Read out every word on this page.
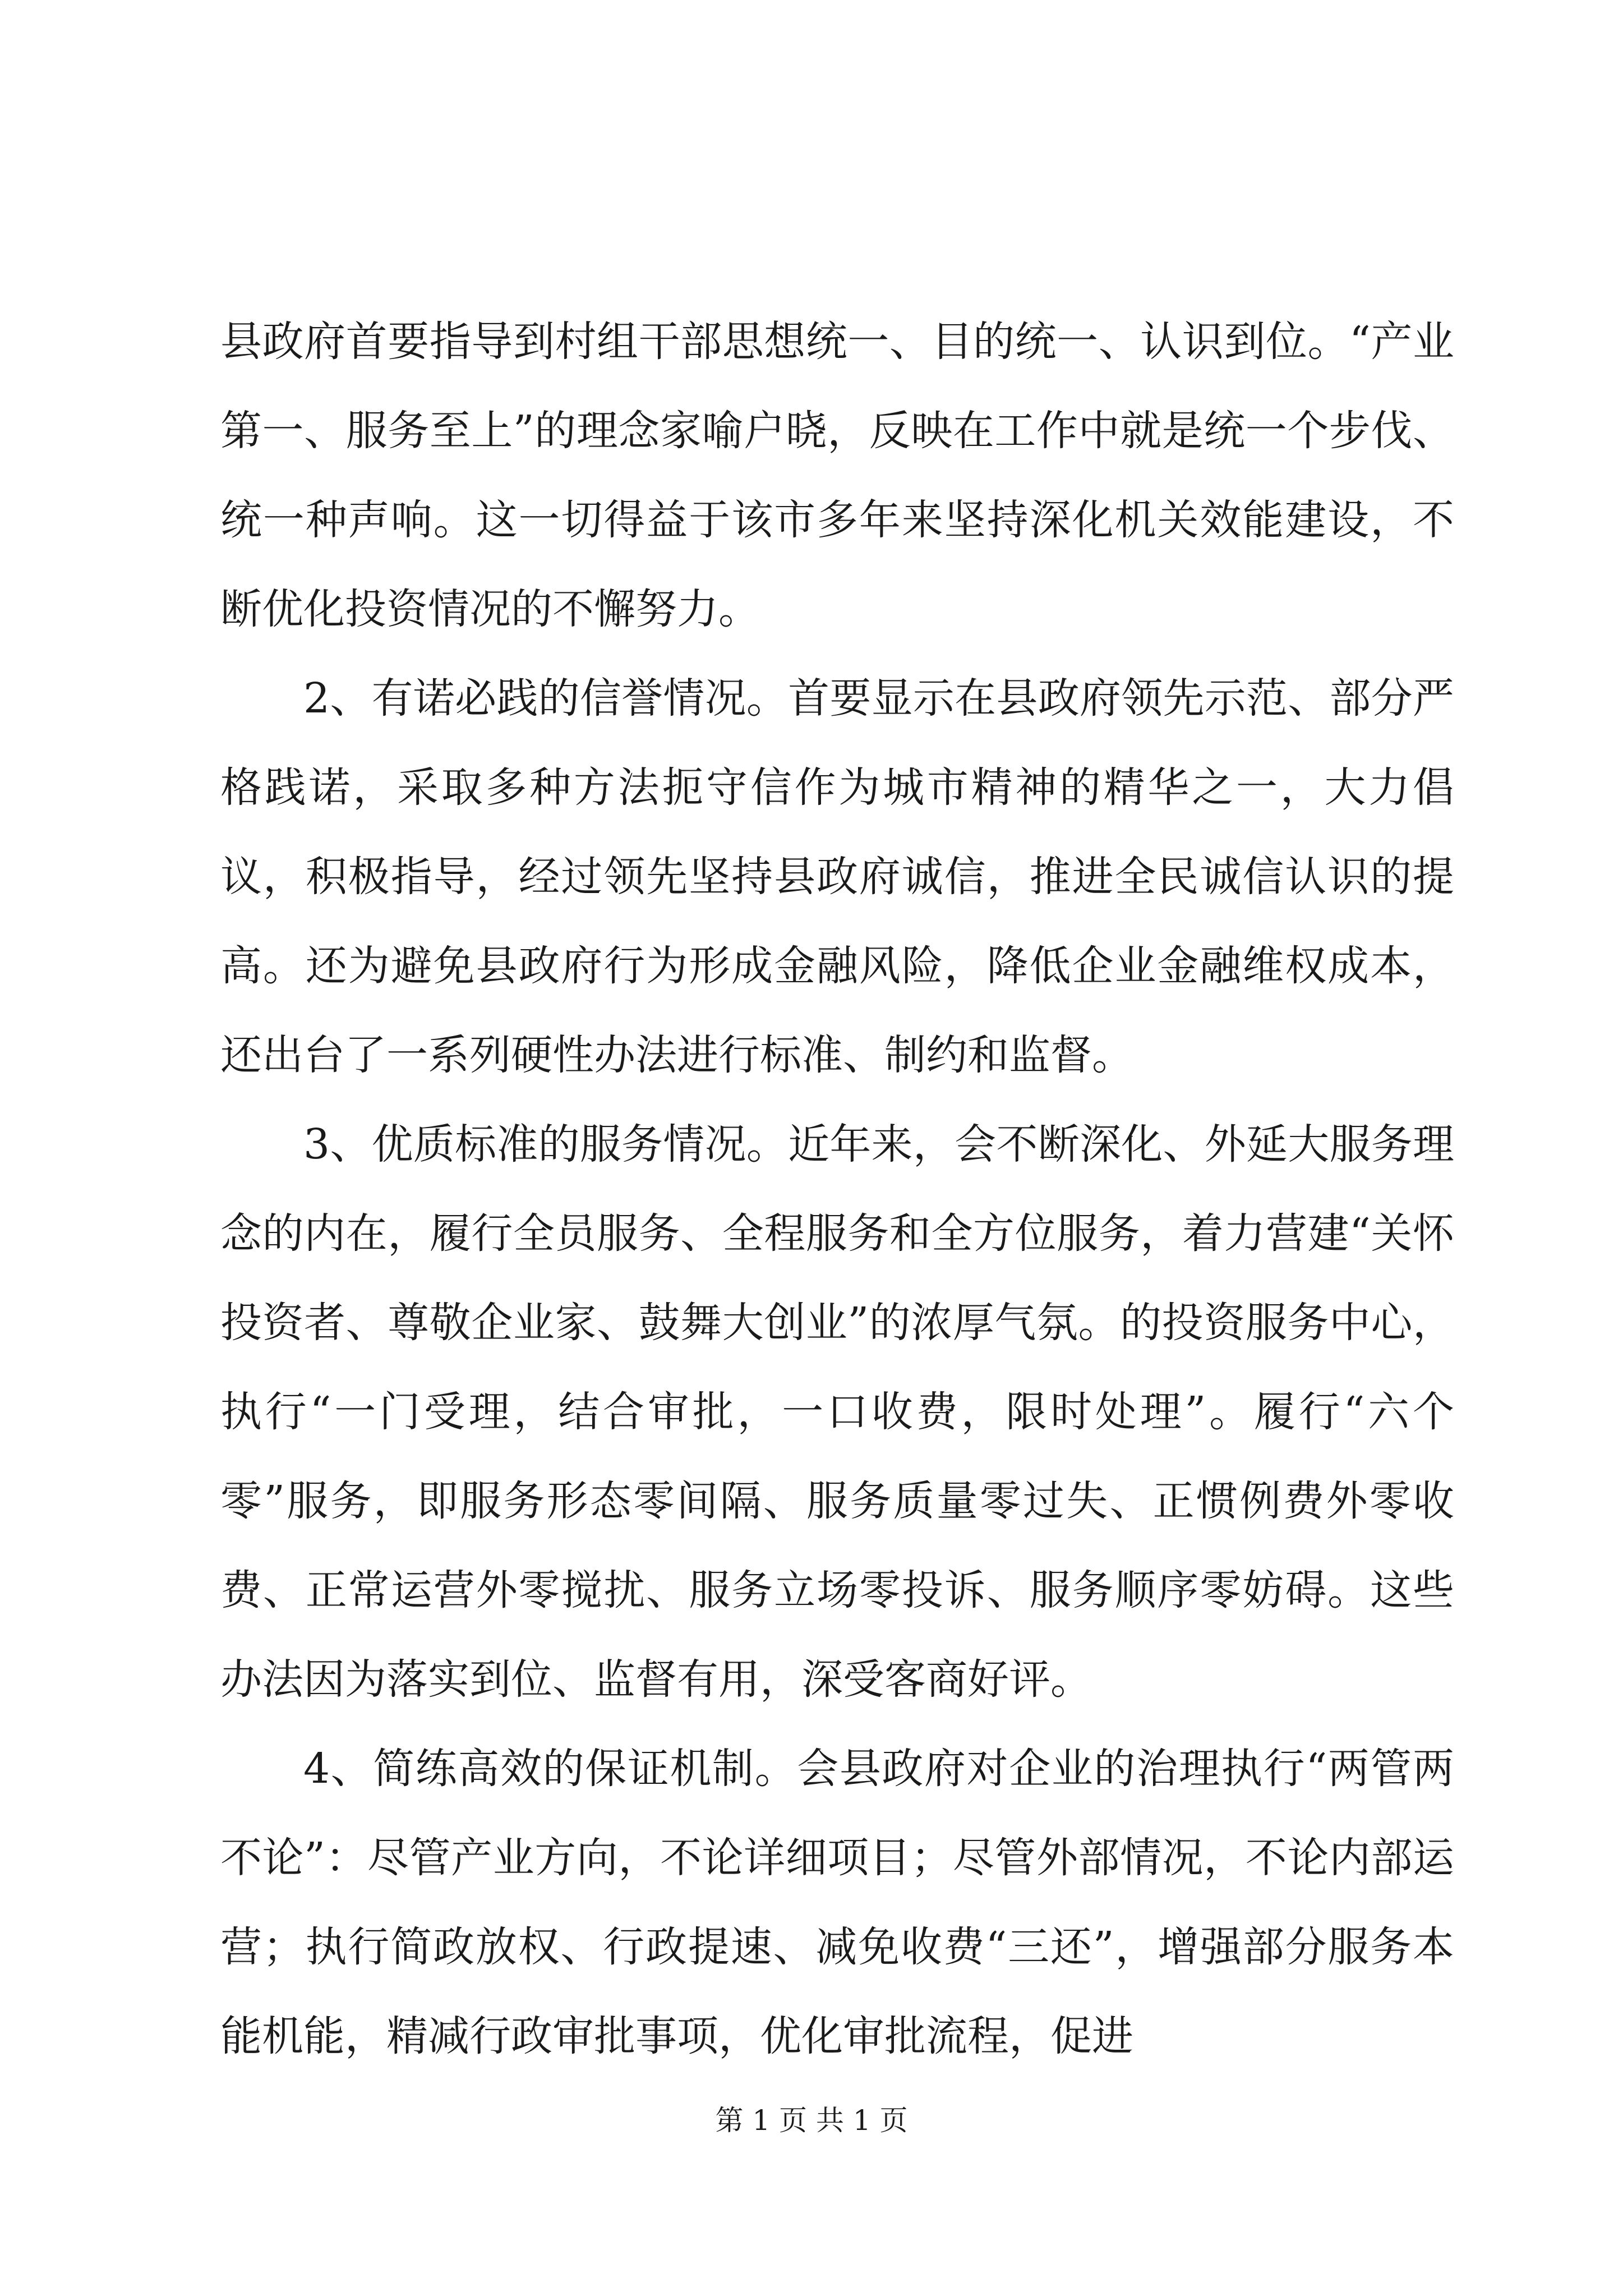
县政府首要指导到村组干部思想统一、目的统一、认识到位。“产业第一、服务至上”的理念家喻户晓，反映在工作中就是统一个步伐、统一种声响。这一切得益于该市多年来坚持深化机关效能建设，不断优化投资情况的不懈努力。

2、有诺必践的信誉情况。首要显示在县政府领先示范、部分严格践诺，采取多种方法扼守信作为城市精神的精华之一，大力倡议，积极指导，经过领先坚持县政府诚信，推进全民诚信认识的提高。还为避免县政府行为形成金融风险，降低企业金融维权成本，还出台了一系列硬性办法进行标准、制约和监督。

3、优质标准的服务情况。近年来，会不断深化、外延大服务理念的内在，履行全员服务、全程服务和全方位服务，着力营建“关怀投资者、尊敬企业家、鼓舞大创业”的浓厚气氛。的投资服务中心，执行“一门受理，结合审批，一口收费，限时处理”。履行“六个零”服务，即服务形态零间隔、服务质量零过失、正惯例费外零收费、正常运营外零搅扰、服务立场零投诉、服务顺序零妨碍。这些办法因为落实到位、监督有用，深受客商好评。

4、简练高效的保证机制。会县政府对企业的治理执行“两管两不论”：尽管产业方向，不论详细项目；尽管外部情况，不论内部运营；执行简政放权、行政提速、减免收费“三还”，增强部分服务本能机能，精减行政审批事项，优化审批流程，促进

第 1 页 共 1 页
